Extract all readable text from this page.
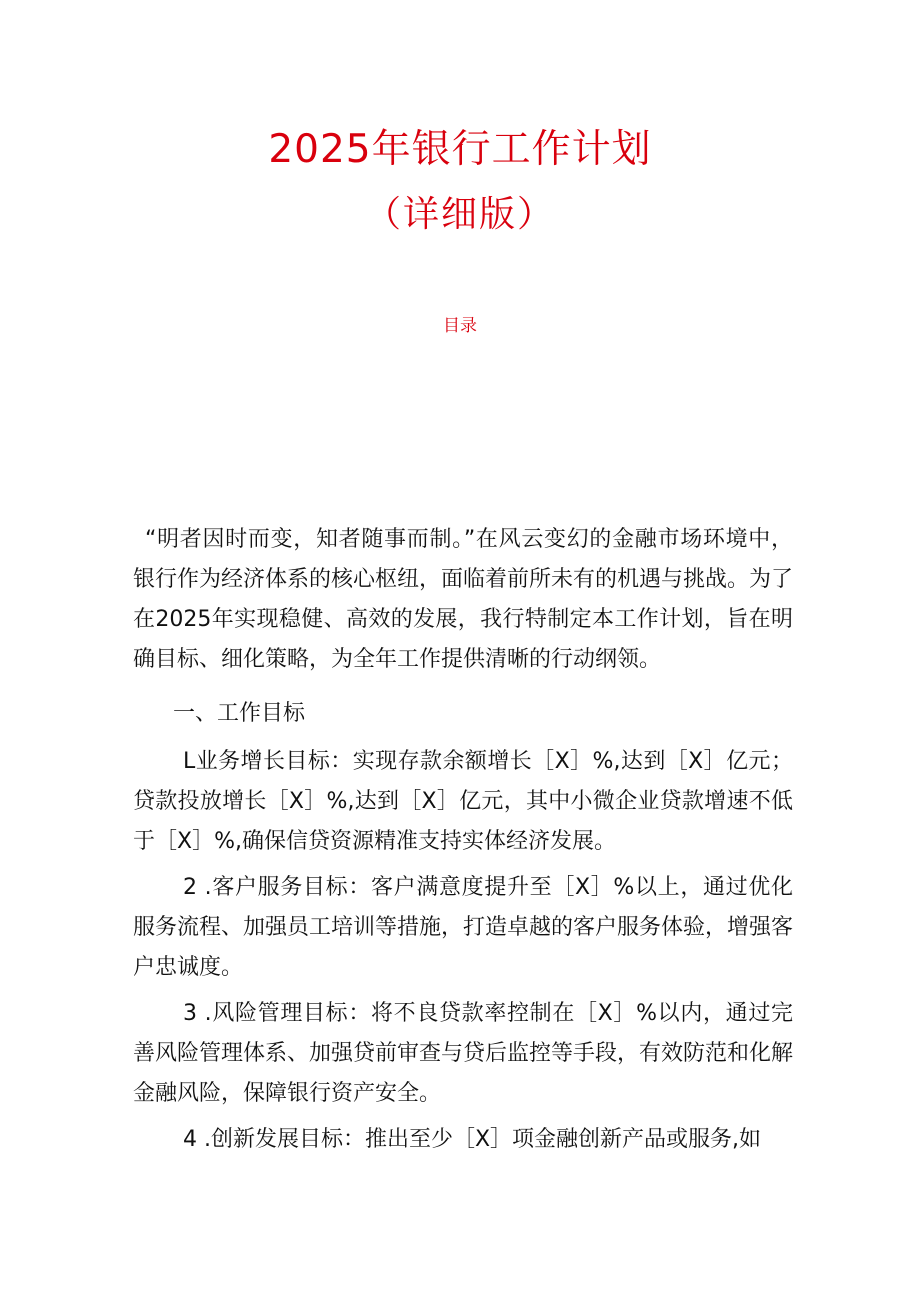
2025年银行工作计划
（详细版）
目录

“明者因时而变，知者随事而制。”在风云变幻的金融市场环境中，银行作为经济体系的核心枢纽，面临着前所未有的机遇与挑战。为了在2025年实现稳健、高效的发展，我行特制定本工作计划，旨在明确目标、细化策略，为全年工作提供清晰的行动纲领。

一、工作目标

L业务增长目标：实现存款余额增长［X］%,达到［X］亿元；贷款投放增长［X］%,达到［X］亿元，其中小微企业贷款增速不低于［X］%,确保信贷资源精准支持实体经济发展。

2 .客户服务目标：客户满意度提升至［X］%以上，通过优化服务流程、加强员工培训等措施，打造卓越的客户服务体验，增强客户忠诚度。

3 .风险管理目标：将不良贷款率控制在［X］%以内，通过完善风险管理体系、加强贷前审查与贷后监控等手段，有效防范和化解金融风险，保障银行资产安全。

4 .创新发展目标：推出至少［X］项金融创新产品或服务,如
